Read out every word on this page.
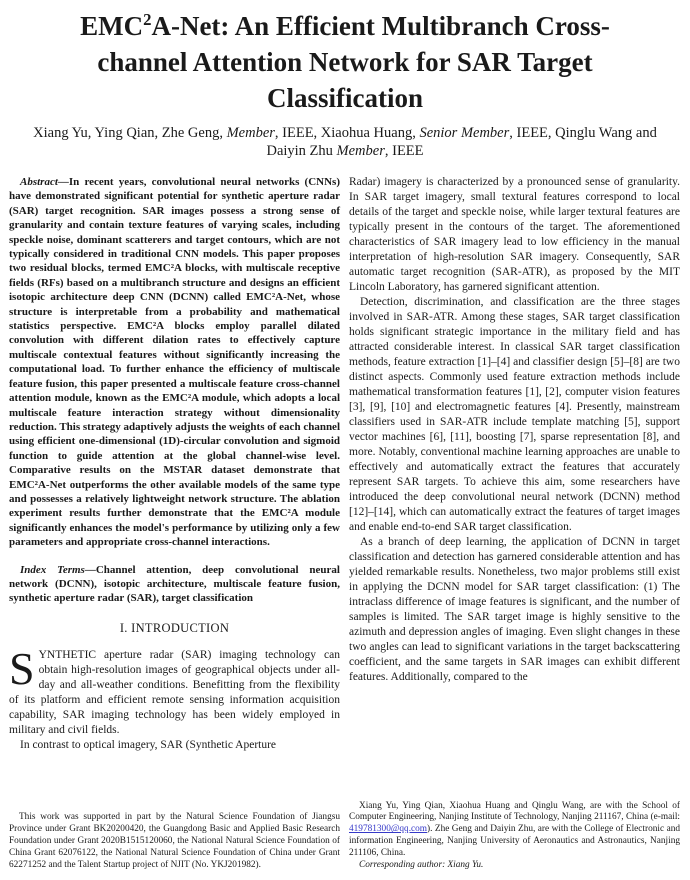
EMC$^2$A-Net: An Efficient Multibranch Cross-channel Attention Network for SAR Target Classification
Xiang Yu, Ying Qian, Zhe Geng, Member, IEEE, Xiaohua Huang, Senior Member, IEEE, Qinglu Wang and Daiyin Zhu Member, IEEE

Abstract—In recent years, convolutional neural networks (CNNs) have demonstrated significant potential for synthetic aperture radar (SAR) target recognition. SAR images possess a strong sense of granularity and contain texture features of varying scales, including speckle noise, dominant scatterers and target contours, which are not typically considered in traditional CNN models. This paper proposes two residual blocks, termed EMC²A blocks, with multiscale receptive fields (RFs) based on a multibranch structure and designs an efficient isotopic architecture deep CNN (DCNN) called EMC²A-Net, whose structure is interpretable from a probability and mathematical statistics perspective. EMC²A blocks employ parallel dilated convolution with different dilation rates to effectively capture multiscale contextual features without significantly increasing the computational load. To further enhance the efficiency of multiscale feature fusion, this paper presented a multiscale feature cross-channel attention module, known as the EMC²A module, which adopts a local multiscale feature interaction strategy without dimensionality reduction. This strategy adaptively adjusts the weights of each channel using efficient one-dimensional (1D)-circular convolution and sigmoid function to guide attention at the global channel-wise level. Comparative results on the MSTAR dataset demonstrate that EMC²A-Net outperforms the other available models of the same type and possesses a relatively lightweight network structure. The ablation experiment results further demonstrate that the EMC²A module significantly enhances the model's performance by utilizing only a few parameters and appropriate cross-channel interactions.

Index Terms—Channel attention, deep convolutional neural network (DCNN), isotopic architecture, multiscale feature fusion, synthetic aperture radar (SAR), target classification

I. INTRODUCTION

SYNTHETIC aperture radar (SAR) imaging technology can obtain high-resolution images of geographical objects under all-day and all-weather conditions. Benefitting from the flexibility of its platform and efficient remote sensing information acquisition capability, SAR imaging technology has been widely employed in military and civil fields.

In contrast to optical imagery, SAR (Synthetic Aperture

This work was supported in part by the Natural Science Foundation of Jiangsu Province under Grant BK20200420, the Guangdong Basic and Applied Basic Research Foundation under Grant 2020B1515120060, the National Natural Science Foundation of China Grant 62076122, the National Natural Science Foundation of China under Grant 62271252 and the Talent Startup project of NJIT (No. YKJ201982).

Radar) imagery is characterized by a pronounced sense of granularity. In SAR target imagery, small textural features correspond to local details of the target and speckle noise, while larger textural features are typically present in the contours of the target. The aforementioned characteristics of SAR imagery lead to low efficiency in the manual interpretation of high-resolution SAR imagery. Consequently, SAR automatic target recognition (SAR-ATR), as proposed by the MIT Lincoln Laboratory, has garnered significant attention.

Detection, discrimination, and classification are the three stages involved in SAR-ATR. Among these stages, SAR target classification holds significant strategic importance in the military field and has attracted considerable interest. In classical SAR target classification methods, feature extraction [1]–[4] and classifier design [5]–[8] are two distinct aspects. Commonly used feature extraction methods include mathematical transformation features [1], [2], computer vision features [3], [9], [10] and electromagnetic features [4]. Presently, mainstream classifiers used in SAR-ATR include template matching [5], support vector machines [6], [11], boosting [7], sparse representation [8], and more. Notably, conventional machine learning approaches are unable to effectively and automatically extract the features that accurately represent SAR targets. To achieve this aim, some researchers have introduced the deep convolutional neural network (DCNN) method [12]–[14], which can automatically extract the features of target images and enable end-to-end SAR target classification.

As a branch of deep learning, the application of DCNN in target classification and detection has garnered considerable attention and has yielded remarkable results. Nonetheless, two major problems still exist in applying the DCNN model for SAR target classification: (1) The intraclass difference of image features is significant, and the number of samples is limited. The SAR target image is highly sensitive to the azimuth and depression angles of imaging. Even slight changes in these two angles can lead to significant variations in the target backscattering coefficient, and the same targets in SAR images can exhibit different features. Additionally, compared to the

Xiang Yu, Ying Qian, Xiaohua Huang and Qinglu Wang, are with the School of Computer Engineering, Nanjing Institute of Technology, Nanjing 211167, China (e-mail: 419781300@qq.com). Zhe Geng and Daiyin Zhu, are with the College of Electronic and information Engineering, Nanjing University of Aeronautics and Astronautics, Nanjing 211106, China.

Corresponding author: Xiang Yu.
